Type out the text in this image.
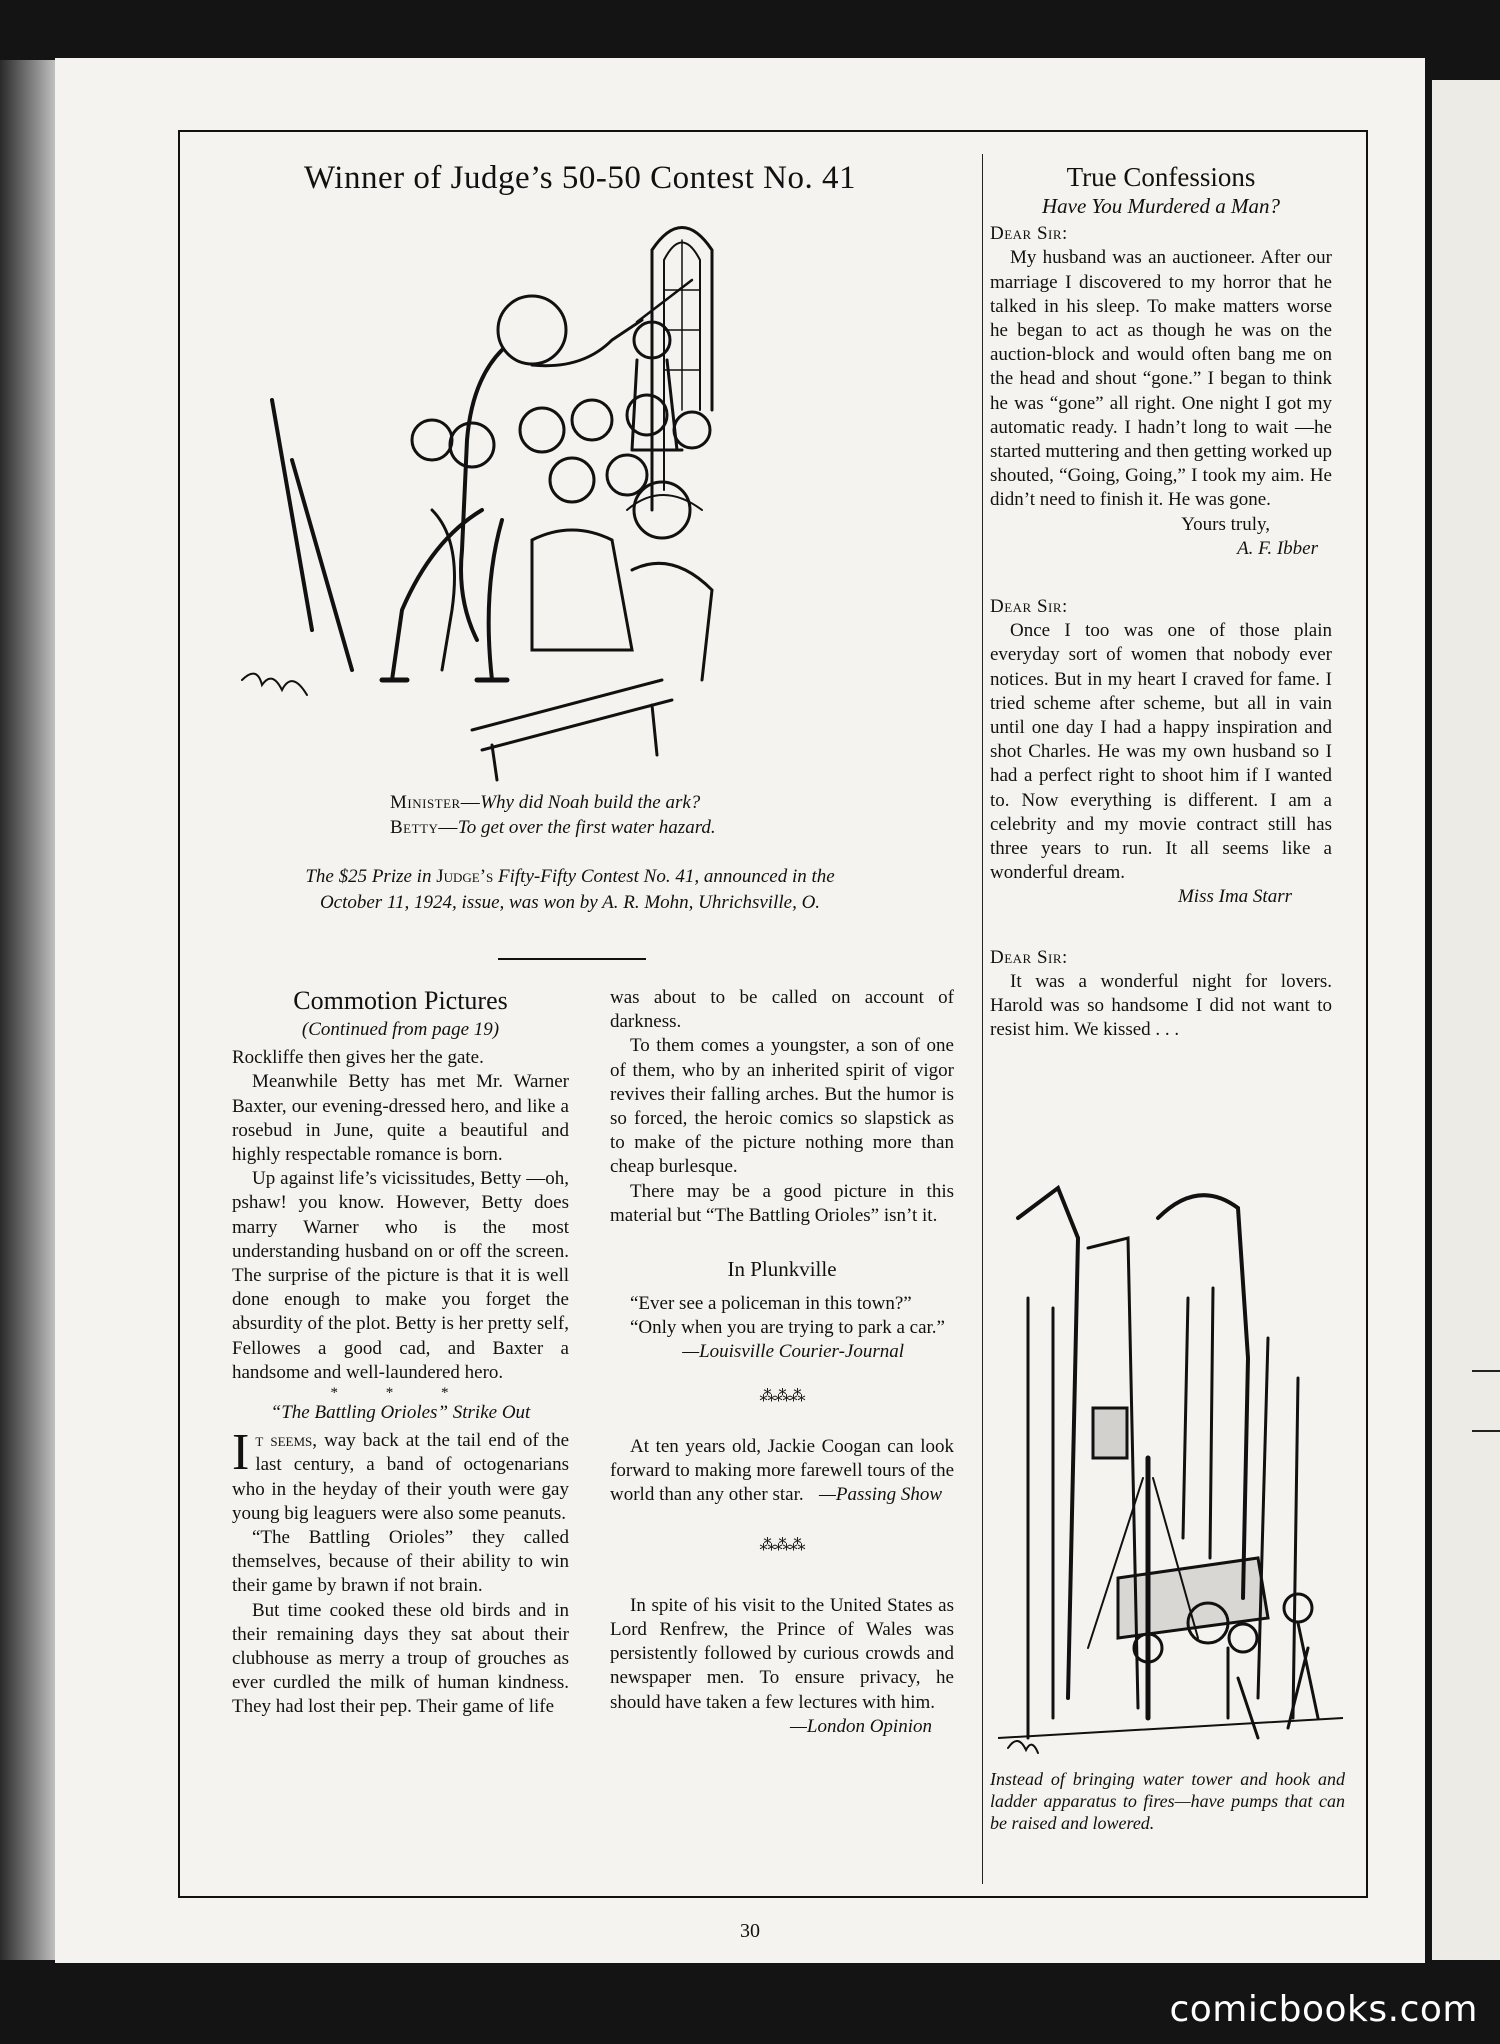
Winner of Judge’s 50-50 Contest No. 41
Minister—Why did Noah build the ark?
Betty—To get over the first water hazard.
The $25 Prize in Judge’s Fifty-Fifty Contest No. 41, announced in the
October 11, 1924, issue, was won by A. R. Mohn, Uhrichsville, O.
Commotion Pictures
(Continued from page 19)

Rockliffe then gives her the gate.

Meanwhile Betty has met Mr. Warner Baxter, our evening-dressed hero, and like a rosebud in June, quite a beautiful and highly respectable romance is born.

Up against life’s vicissitudes, Betty —oh, pshaw! you know. However, Betty does marry Warner who is the most understanding husband on or off the screen. The surprise of the picture is that it is well done enough to make you forget the absurdity of the plot. Betty is her pretty self, Fellowes a good cad, and Baxter a handsome and well-laundered hero.

* * *
“The Battling Orioles” Strike Out

It seems, way back at the tail end of the last century, a band of octogenarians who in the heyday of their youth were gay young big leaguers were also some peanuts.

“The Battling Orioles” they called themselves, because of their ability to win their game by brawn if not brain.

But time cooked these old birds and in their remaining days they sat about their clubhouse as merry a troup of grouches as ever curdled the milk of human kindness. They had lost their pep. Their game of life

was about to be called on account of darkness.

To them comes a youngster, a son of one of them, who by an inherited spirit of vigor revives their falling arches. But the humor is so forced, the heroic comics so slapstick as to make of the picture nothing more than cheap burlesque.

There may be a good picture in this material but “The Battling Orioles” isn’t it.

In Plunkville

“Ever see a policeman in this town?”

“Only when you are trying to park a car.”

—Louisville Courier-Journal
⁂⁂⁂

At ten years old, Jackie Coogan can look forward to making more farewell tours of the world than any other star. —Passing Show
⁂⁂⁂

In spite of his visit to the United States as Lord Renfrew, the Prince of Wales was persistently followed by curious crowds and newspaper men. To ensure privacy, he should have taken a few lectures with him.

—London Opinion
True Confessions
Have You Murdered a Man?

Dear Sir:

My husband was an auctioneer. After our marriage I discovered to my horror that he talked in his sleep. To make matters worse he began to act as though he was on the auction-block and would often bang me on the head and shout “gone.” I began to think he was “gone” all right. One night I got my automatic ready. I hadn’t long to wait —he started muttering and then getting worked up shouted, “Going, Going,” I took my aim. He didn’t need to finish it. He was gone.

Yours truly,

A. F. Ibber

Dear Sir:

Once I too was one of those plain everyday sort of women that nobody ever notices. But in my heart I craved for fame. I tried scheme after scheme, but all in vain until one day I had a happy inspiration and shot Charles. He was my own husband so I had a perfect right to shoot him if I wanted to. Now everything is different. I am a celebrity and my movie contract still has three years to run. It all seems like a wonderful dream.

Miss Ima Starr

Dear Sir:

It was a wonderful night for lovers. Harold was so handsome I did not want to resist him. We kissed . . .

Instead of bringing water tower and hook and ladder apparatus to fires—have pumps that can be raised and lowered.
30
comicbooks.com
